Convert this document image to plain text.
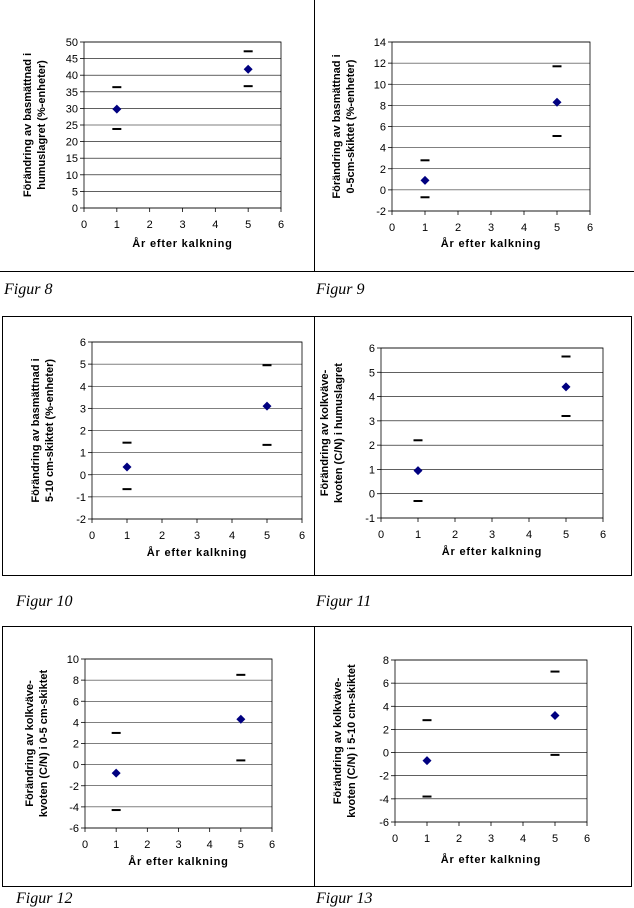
Figur 8	Figur 9
Figur 10	Figur 11
Figur 12	Figur 13
0
5
10
15
20
25
30
35
40
45
50
0 1 2 3 4 5 6
År efter kalkning
Förändring av basmättnad i humuslagret (%-enheter)
-2
0
2
4
6
8
10
12
14
0 1 2 3 4 5 6
År efter kalkning
Förändring av basmättnad i 0-5cm-skiktet (%-enheter)
-2
-1
0
1
2
3
4
5
6
0	1	2	3	4	5	6
År efter kalkning
Förändring av basmättnad i 5-10 cm-skiktet (%-enheter)
-1
0
1
2
3
4
5
6
0	1	2	3	4	5	6
År efter kalkning
Förändring av kolkväve- kvoten (C/N) i humuslagret
-6
-4
-2
0
2
4
6
8
10
0 1 2 3 4 5 6
År efter kalkning
Förändring av kolkväve- kvoten (C/N) i 0-5 cm-skiktet
-6
-4
-2
0
2
4
6
8
0 1 2 3 4 5 6
År efter kalkning
Förändring av kolkväve- kvoten (C/N) i 5-10 cm-skiktet
